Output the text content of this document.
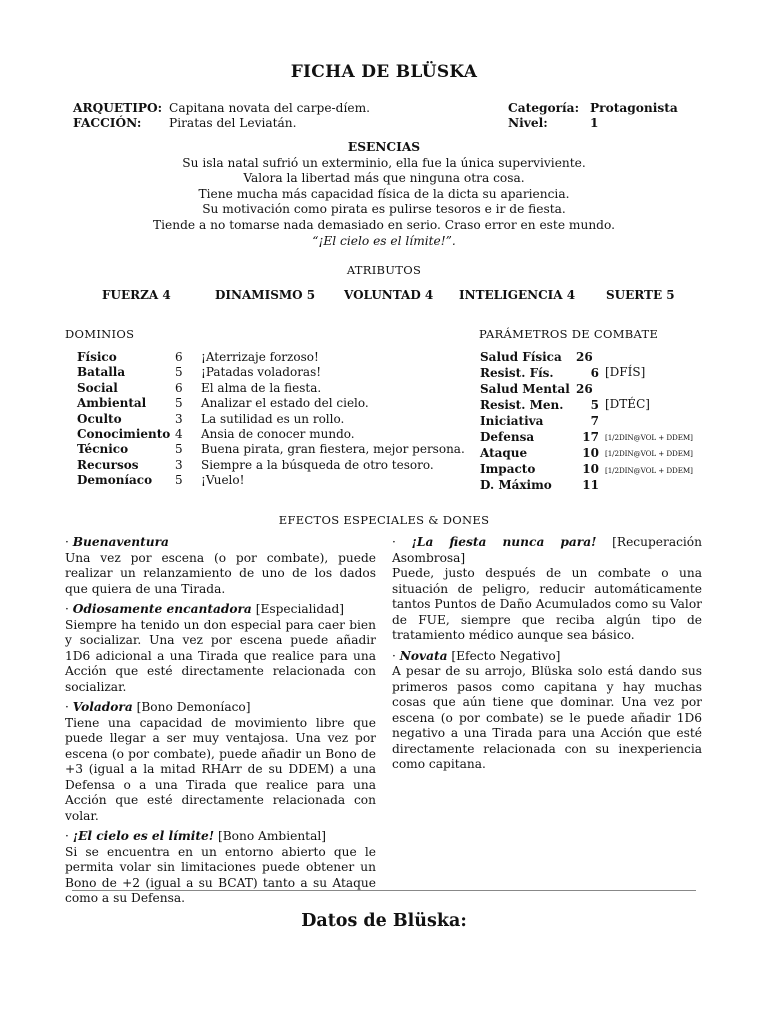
FICHA DE BLÜSKA
ARQUETIPO: Capitana novata del carpe-díem.
FACCIÓN: Piratas del Leviatán.
Categoría: Protagonista
Nivel:	1
ESENCIAS
Su isla natal sufrió un exterminio, ella fue la única superviviente.
Valora la libertad más que ninguna otra cosa.
Tiene mucha más capacidad física de la dicta su apariencia.
Su motivación como pirata es pulirse tesoros e ir de fiesta.
Tiende a no tomarse nada demasiado en serio. Craso error en este mundo.
“¡El cielo es el límite!”.
ATRIBUTOS
FUERZA 4	DINAMISMO 5 VOLUNTAD 4 INTELIGENCIA 4	SUERTE 5
DOMINIOS
Físico	6	¡Aterrizaje forzoso!
Batalla	5	¡Patadas voladoras!
Social	6	El alma de la fiesta.
Ambiental	5	Analizar el estado del cielo.
Oculto	3	La sutilidad es un rollo.
Conocimiento	4	Ansia de conocer mundo.
Técnico	5	Buena pirata, gran fiestera, mejor persona.
Recursos	3	Siempre a la búsqueda de otro tesoro.
Demoníaco	5	¡Vuelo!
PARÁMETROS DE COMBATE
Salud Física	26	
Resist. Fís.	6	[DFÍS]
Salud Mental	26	
Resist. Men.	5	[DTÉC]
Iniciativa	7	
Defensa	17	[1/2DIN@VOL + DDEM]
Ataque	10	[1/2DIN@VOL + DDEM]
Impacto	10	[1/2DIN@VOL + DDEM]
D. Máximo	11	
EFECTOS ESPECIALES & DONES

· Buenaventura
Una vez por escena (o por combate), puede realizar un relanzamiento de uno de los dados que quiera de una Tirada.

· Odiosamente encantadora [Especialidad]
Siempre ha tenido un don especial para caer bien y socializar. Una vez por escena puede añadir 1D6 adicional a una Tirada que realice para una Acción que esté directamente relacionada con socializar.

· Voladora [Bono Demoníaco]
Tiene una capacidad de movimiento libre que puede llegar a ser muy ventajosa. Una vez por escena (o por combate), puede añadir un Bono de +3 (igual a la mitad RHArr de su DDEM) a una Defensa o a una Tirada que realice para una Acción que esté directamente relacionada con volar.

· ¡El cielo es el límite! [Bono Ambiental]
Si se encuentra en un entorno abierto que le permita volar sin limitaciones puede obtener un Bono de +2 (igual a su BCAT) tanto a su Ataque como a su Defensa.

· ¡La fiesta nunca para! [Recuperación Asombrosa]
Puede, justo después de un combate o una situación de peligro, reducir automáticamente tantos Puntos de Daño Acumulados como su Valor de FUE, siempre que reciba algún tipo de tratamiento médico aunque sea básico.

· Novata [Efecto Negativo]
A pesar de su arrojo, Blüska solo está dando sus primeros pasos como capitana y hay muchas cosas que aún tiene que dominar. Una vez por escena (o por combate) se le puede añadir 1D6 negativo a una Tirada para una Acción que esté directamente relacionada con su inexperiencia como capitana.

Datos de Blüska:
